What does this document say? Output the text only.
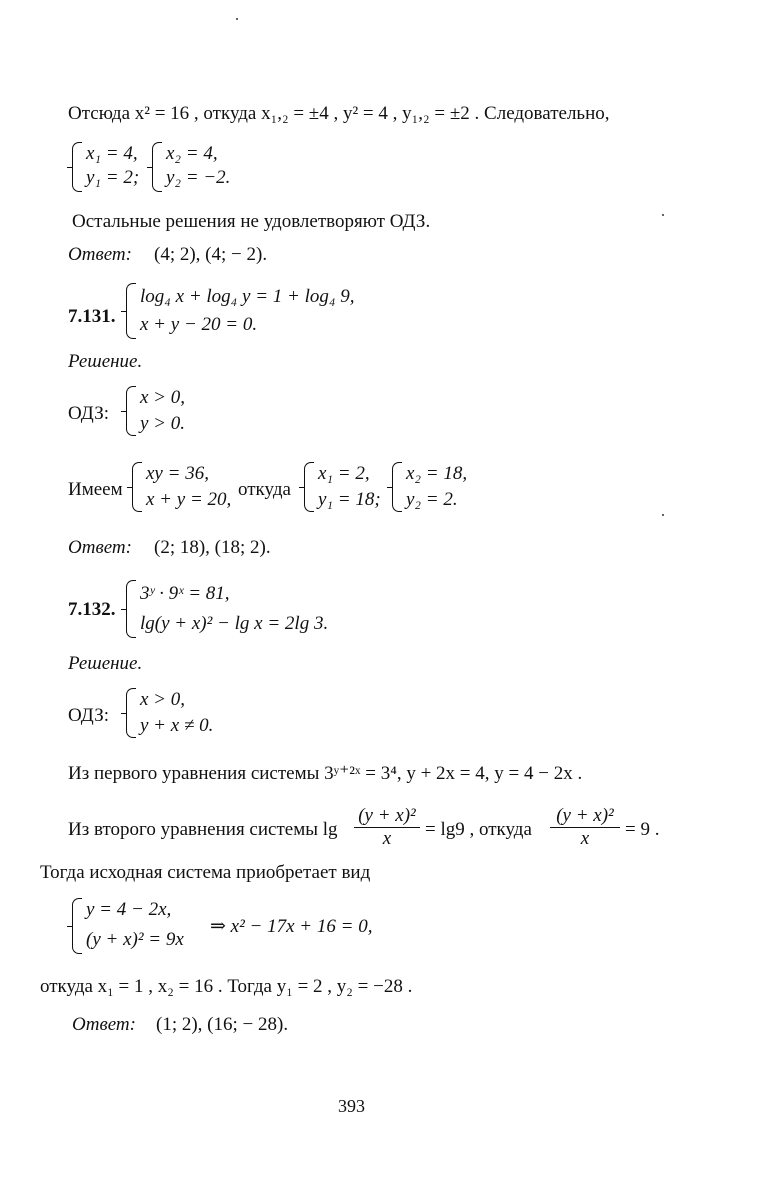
Отсюда x² = 16 , откуда x₁,₂ = ±4 , y² = 4 , y₁,₂ = ±2 . Следовательно,
x₁ = 4,
y₁ = 2;
x₂ = 4,
y₂ = −2.
Остальные решения не удовлетворяют ОДЗ.
Ответ: (4; 2), (4; − 2).
7.131.
log₄ x + log₄ y = 1 + log₄ 9,
x + y − 20 = 0.
Решение.
ОДЗ:
x > 0,
y > 0.
Имеем
xy = 36,
x + y = 20, откуда
x₁ = 2,
y₁ = 18;
x₂ = 18,
y₂ = 2.
Ответ: (2; 18), (18; 2).
7.132.
3ʸ · 9ˣ = 81,
lg(y + x)² − lg x = 2lg 3.
Решение.
ОДЗ:
x > 0,
y + x ≠ 0.
Из первого уравнения системы 3ʸ⁺²ˣ = 3⁴, y + 2x = 4, y = 4 − 2x .
Из второго уравнения системы $\lg \frac{\text{(y + x)²}}{x} = \lg 9$ , откуда $\frac{\text{(y + x)²}}{x} = 9$ .
Тогда исходная система приобретает вид
y = 4 − 2x,
(y + x)² = 9x
⇒ x² − 17x + 16 = 0,
откуда x₁ = 1 , x₂ = 16 . Тогда y₁ = 2 , y₂ = −28 .
Ответ: (1; 2), (16; − 28).
393
